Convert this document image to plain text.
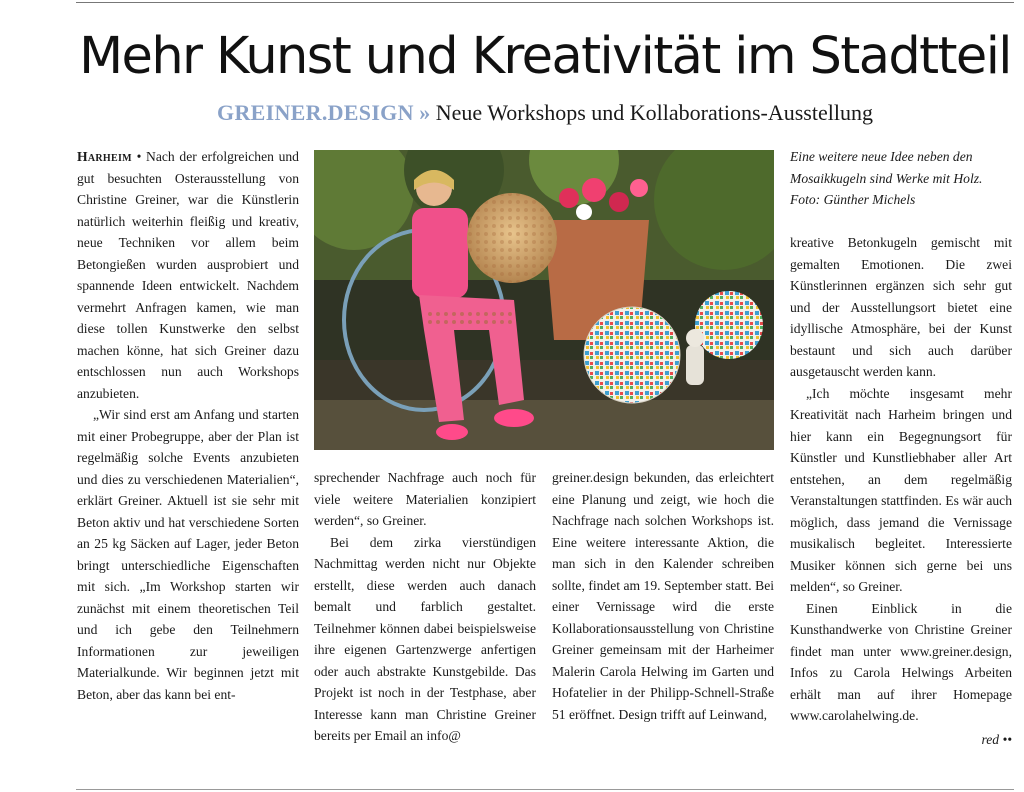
Mehr Kunst und Kreativität im Stadtteil
GREINER.DESIGN » Neue Workshops und Kollaborations-Ausstellung

Harheim • Nach der erfolgreichen und gut besuchten Osterausstellung von Christine Greiner, war die Künstlerin natürlich weiterhin fleißig und kreativ, neue Techniken vor allem beim Betongießen wurden ausprobiert und spannende Ideen entwickelt. Nachdem vermehrt Anfragen kamen, wie man diese tollen Kunstwerke den selbst machen könne, hat sich Greiner dazu entschlossen nun auch Workshops anzubieten.

„Wir sind erst am Anfang und starten mit einer Probegruppe, aber der Plan ist regelmäßig solche Events anzubieten und dies zu verschiedenen Materialien“, erklärt Greiner. Aktuell ist sie sehr mit Beton aktiv und hat verschiedene Sorten an 25 kg Säcken auf Lager, jeder Beton bringt unterschiedliche Eigenschaften mit sich. „Im Workshop starten wir zunächst mit einem theoretischen Teil und ich gebe den Teilnehmern Informationen zur jeweiligen Materialkunde. Wir beginnen jetzt mit Beton, aber das kann bei ent-

Eine weitere neue Idee neben den Mosaikkugeln sind Werke mit Holz. Foto: Günther Michels

sprechender Nachfrage auch noch für viele weitere Materialien konzipiert werden“, so Greiner.

Bei dem zirka vierstündigen Nachmittag werden nicht nur Objekte erstellt, diese werden auch danach bemalt und farblich gestaltet. Teilnehmer können dabei beispielsweise ihre eigenen Gartenzwerge anfertigen oder auch abstrakte Kunstgebilde. Das Projekt ist noch in der Testphase, aber Interesse kann man Christine Greiner bereits per Email an info@

greiner.design bekunden, das erleichtert eine Planung und zeigt, wie hoch die Nachfrage nach solchen Workshops ist. Eine weitere interessante Aktion, die man sich in den Kalender schreiben sollte, findet am 19. September statt. Bei einer Vernissage wird die erste Kollaborationsausstellung von Christine Greiner gemeinsam mit der Harheimer Malerin Carola Helwing im Garten und Hofatelier in der Philipp-Schnell-Straße 51 eröffnet. Design trifft auf Leinwand,

kreative Betonkugeln gemischt mit gemalten Emotionen. Die zwei Künstlerinnen ergänzen sich sehr gut und der Ausstellungsort bietet eine idyllische Atmosphäre, bei der Kunst bestaunt und sich auch darüber ausgetauscht werden kann.

„Ich möchte insgesamt mehr Kreativität nach Harheim bringen und hier kann ein Begegnungsort für Künstler und Kunstliebhaber aller Art entstehen, an dem regelmäßig Veranstaltungen stattfinden. Es wär auch möglich, dass jemand die Vernissage musikalisch begleitet. Interessierte Musiker können sich gerne bei uns melden“, so Greiner.

Einen Einblick in die Kunsthandwerke von Christine Greiner findet man unter www.greiner.design, Infos zu Carola Helwings Arbeiten erhält man auf ihrer Homepage www.carolahelwing.de.

red ••
